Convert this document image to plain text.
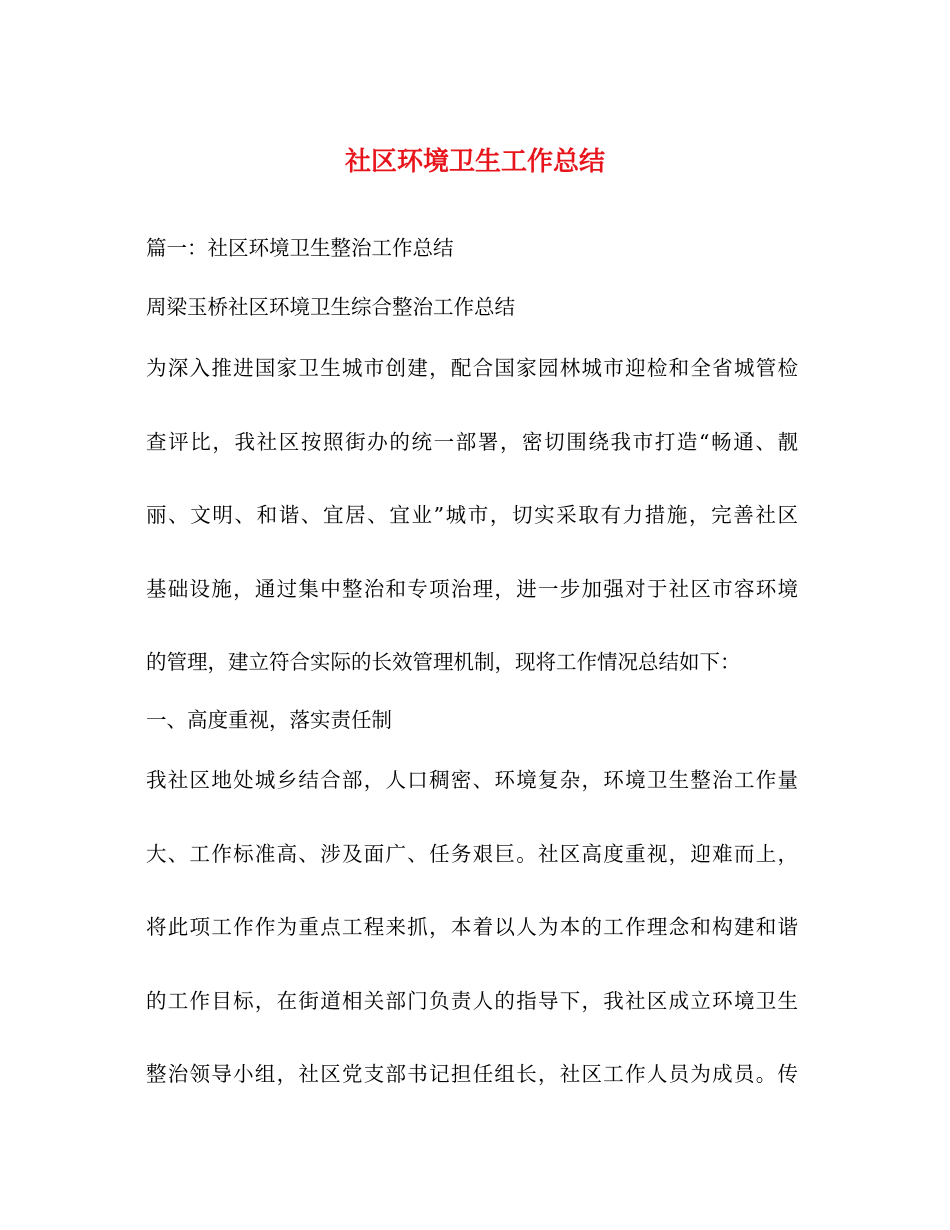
社区环境卫生工作总结

篇一：社区环境卫生整治工作总结

周梁玉桥社区环境卫生综合整治工作总结

为深入推进国家卫生城市创建，配合国家园林城市迎检和全省城管检

查评比，我社区按照街办的统一部署，密切围绕我市打造“畅通、靓

丽、文明、和谐、宜居、宜业”城市，切实采取有力措施，完善社区

基础设施，通过集中整治和专项治理，进一步加强对于社区市容环境

的管理，建立符合实际的长效管理机制，现将工作情况总结如下：

一、高度重视，落实责任制

我社区地处城乡结合部，人口稠密、环境复杂，环境卫生整治工作量

大、工作标准高、涉及面广、任务艰巨。社区高度重视，迎难而上，

将此项工作作为重点工程来抓，本着以人为本的工作理念和构建和谐

的工作目标，在街道相关部门负责人的指导下，我社区成立环境卫生

整治领导小组，社区党支部书记担任组长，社区工作人员为成员。传
